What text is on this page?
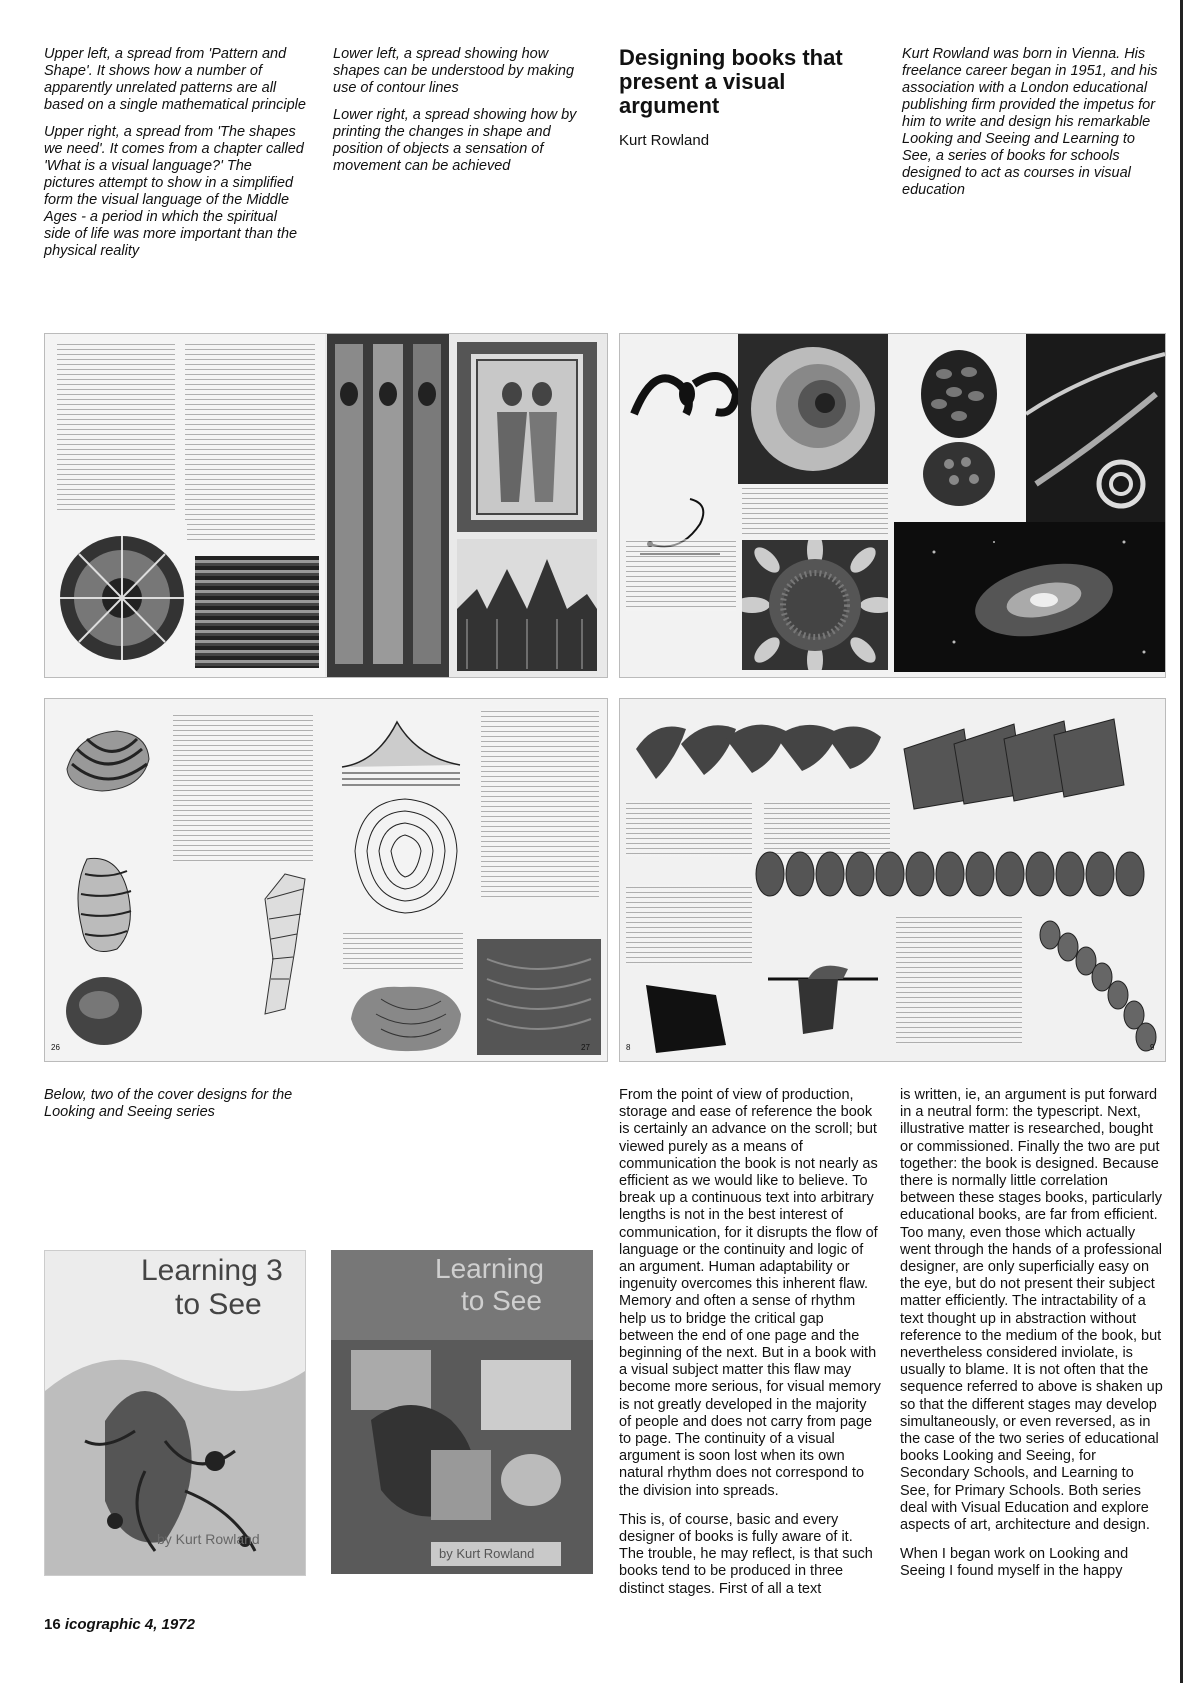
Upper left, a spread from 'Pattern and Shape'. It shows how a number of apparently unrelated patterns are all based on a single mathematical principle

Upper right, a spread from 'The shapes we need'. It comes from a chapter called 'What is a visual language?' The pictures attempt to show in a simplified form the visual language of the Middle Ages - a period in which the spiritual side of life was more important than the physical reality

Lower left, a spread showing how shapes can be understood by making use of contour lines

Lower right, a spread showing how by printing the changes in shape and position of objects a sensation of movement can be achieved

Designing books that present a visual argument
Kurt Rowland
Kurt Rowland was born in Vienna. His freelance career began in 1951, and his association with a London educational publishing firm provided the impetus for him to write and design his remarkable Looking and Seeing and Learning to See, a series of books for schools designed to act as courses in visual education
26	27	8	9
Below, two of the cover designs for the Looking and Seeing series
Learning 3
to See
by Kurt Rowland
Learning
to See
by Kurt Rowland

From the point of view of production, storage and ease of reference the book is certainly an advance on the scroll; but viewed purely as a means of communication the book is not nearly as efficient as we would like to believe. To break up a continuous text into arbitrary lengths is not in the best interest of communication, for it disrupts the flow of language or the continuity and logic of an argument. Human adaptability or ingenuity overcomes this inherent flaw. Memory and often a sense of rhythm help us to bridge the critical gap between the end of one page and the beginning of the next. But in a book with a visual subject matter this flaw may become more serious, for visual memory is not greatly developed in the majority of people and does not carry from page to page. The continuity of a visual argument is soon lost when its own natural rhythm does not correspond to the division into spreads.

This is, of course, basic and every designer of books is fully aware of it. The trouble, he may reflect, is that such books tend to be produced in three distinct stages. First of all a text

is written, ie, an argument is put forward in a neutral form: the typescript. Next, illustrative matter is researched, bought or commissioned. Finally the two are put together: the book is designed. Because there is normally little correlation between these stages books, particularly educational books, are far from efficient. Too many, even those which actually went through the hands of a professional designer, are only superficially easy on the eye, but do not present their subject matter efficiently. The intractability of a text thought up in abstraction without reference to the medium of the book, but nevertheless considered inviolate, is usually to blame. It is not often that the sequence referred to above is shaken up so that the different stages may develop simultaneously, or even reversed, as in the case of the two series of educational books Looking and Seeing, for Secondary Schools, and Learning to See, for Primary Schools. Both series deal with Visual Education and explore aspects of art, architecture and design.

When I began work on Looking and Seeing I found myself in the happy

16 icographic 4, 1972
